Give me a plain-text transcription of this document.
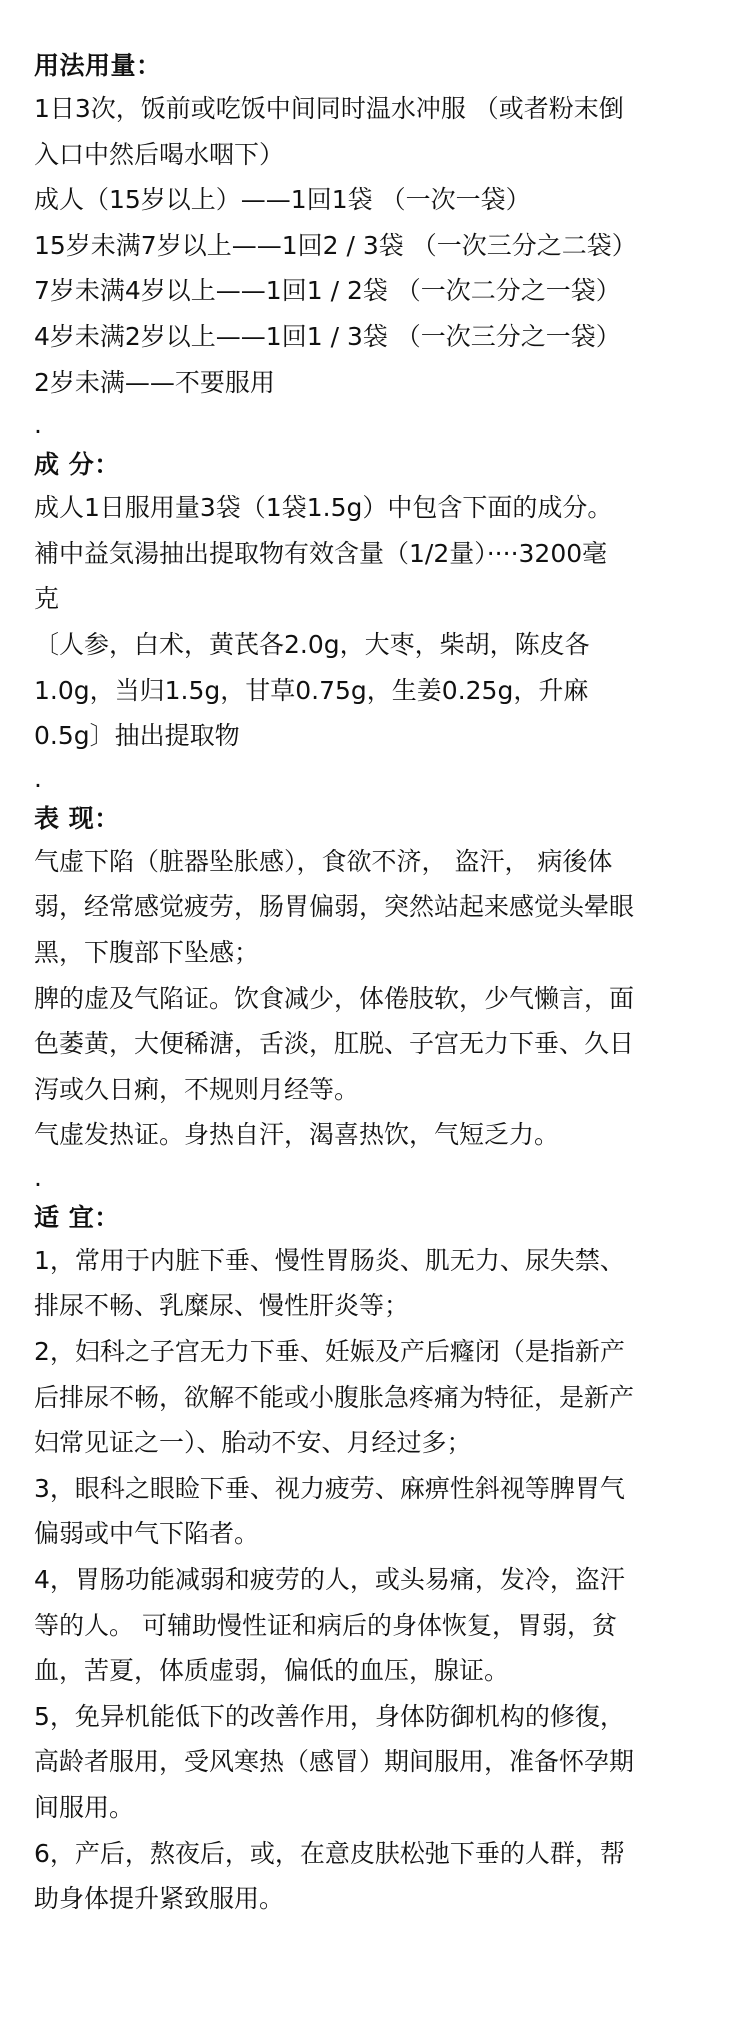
用法用量：

1日3次，饭前或吃饭中间同时温水冲服 （或者粉末倒

入口中然后喝水咽下）

成人（15岁以上）——1回1袋 （一次一袋）

15岁未满7岁以上——1回2 / 3袋 （一次三分之二袋）

7岁未满4岁以上——1回1 / 2袋 （一次二分之一袋）

4岁未满2岁以上——1回1 / 3袋 （一次三分之一袋）

2岁未满——不要服用

.

成 分：

成人1日服用量3袋（1袋1.5g）中包含下面的成分。

補中益気湯抽出提取物有效含量（1/2量）····3200毫

克

〔人参，白术，黄芪各2.0g，大枣，柴胡，陈皮各

1.0g，当归1.5g，甘草0.75g，生姜0.25g，升麻

0.5g〕抽出提取物

.

表 现：

气虚下陷（脏器坠胀感），食欲不济， 盗汗， 病後体

弱，经常感觉疲劳，肠胃偏弱，突然站起来感觉头晕眼

黑，下腹部下坠感；

脾的虚及气陷证。饮食减少，体倦肢软，少气懒言，面

色萎黄，大便稀溏，舌淡，肛脱、子宫无力下垂、久日

泻或久日痢，不规则月经等。

气虚发热证。身热自汗，渴喜热饮，气短乏力。

.

适 宜：

1，常用于内脏下垂、慢性胃肠炎、肌无力、尿失禁、

排尿不畅、乳糜尿、慢性肝炎等；

2，妇科之子宫无力下垂、妊娠及产后癃闭（是指新产

后排尿不畅，欲解不能或小腹胀急疼痛为特征，是新产

妇常见证之一）、胎动不安、月经过多；

3，眼科之眼睑下垂、视力疲劳、麻痹性斜视等脾胃气

偏弱或中气下陷者。

4，胃肠功能减弱和疲劳的人，或头易痛，发冷，盗汗

等的人。 可辅助慢性证和病后的身体恢复，胃弱，贫

血，苦夏，体质虚弱，偏低的血压，腺证。

5，免异机能低下的改善作用，身体防御机构的修復，

高龄者服用，受风寒热（感冒）期间服用，准备怀孕期

间服用。

6，产后，熬夜后，或，在意皮肤松弛下垂的人群，帮

助身体提升紧致服用。
